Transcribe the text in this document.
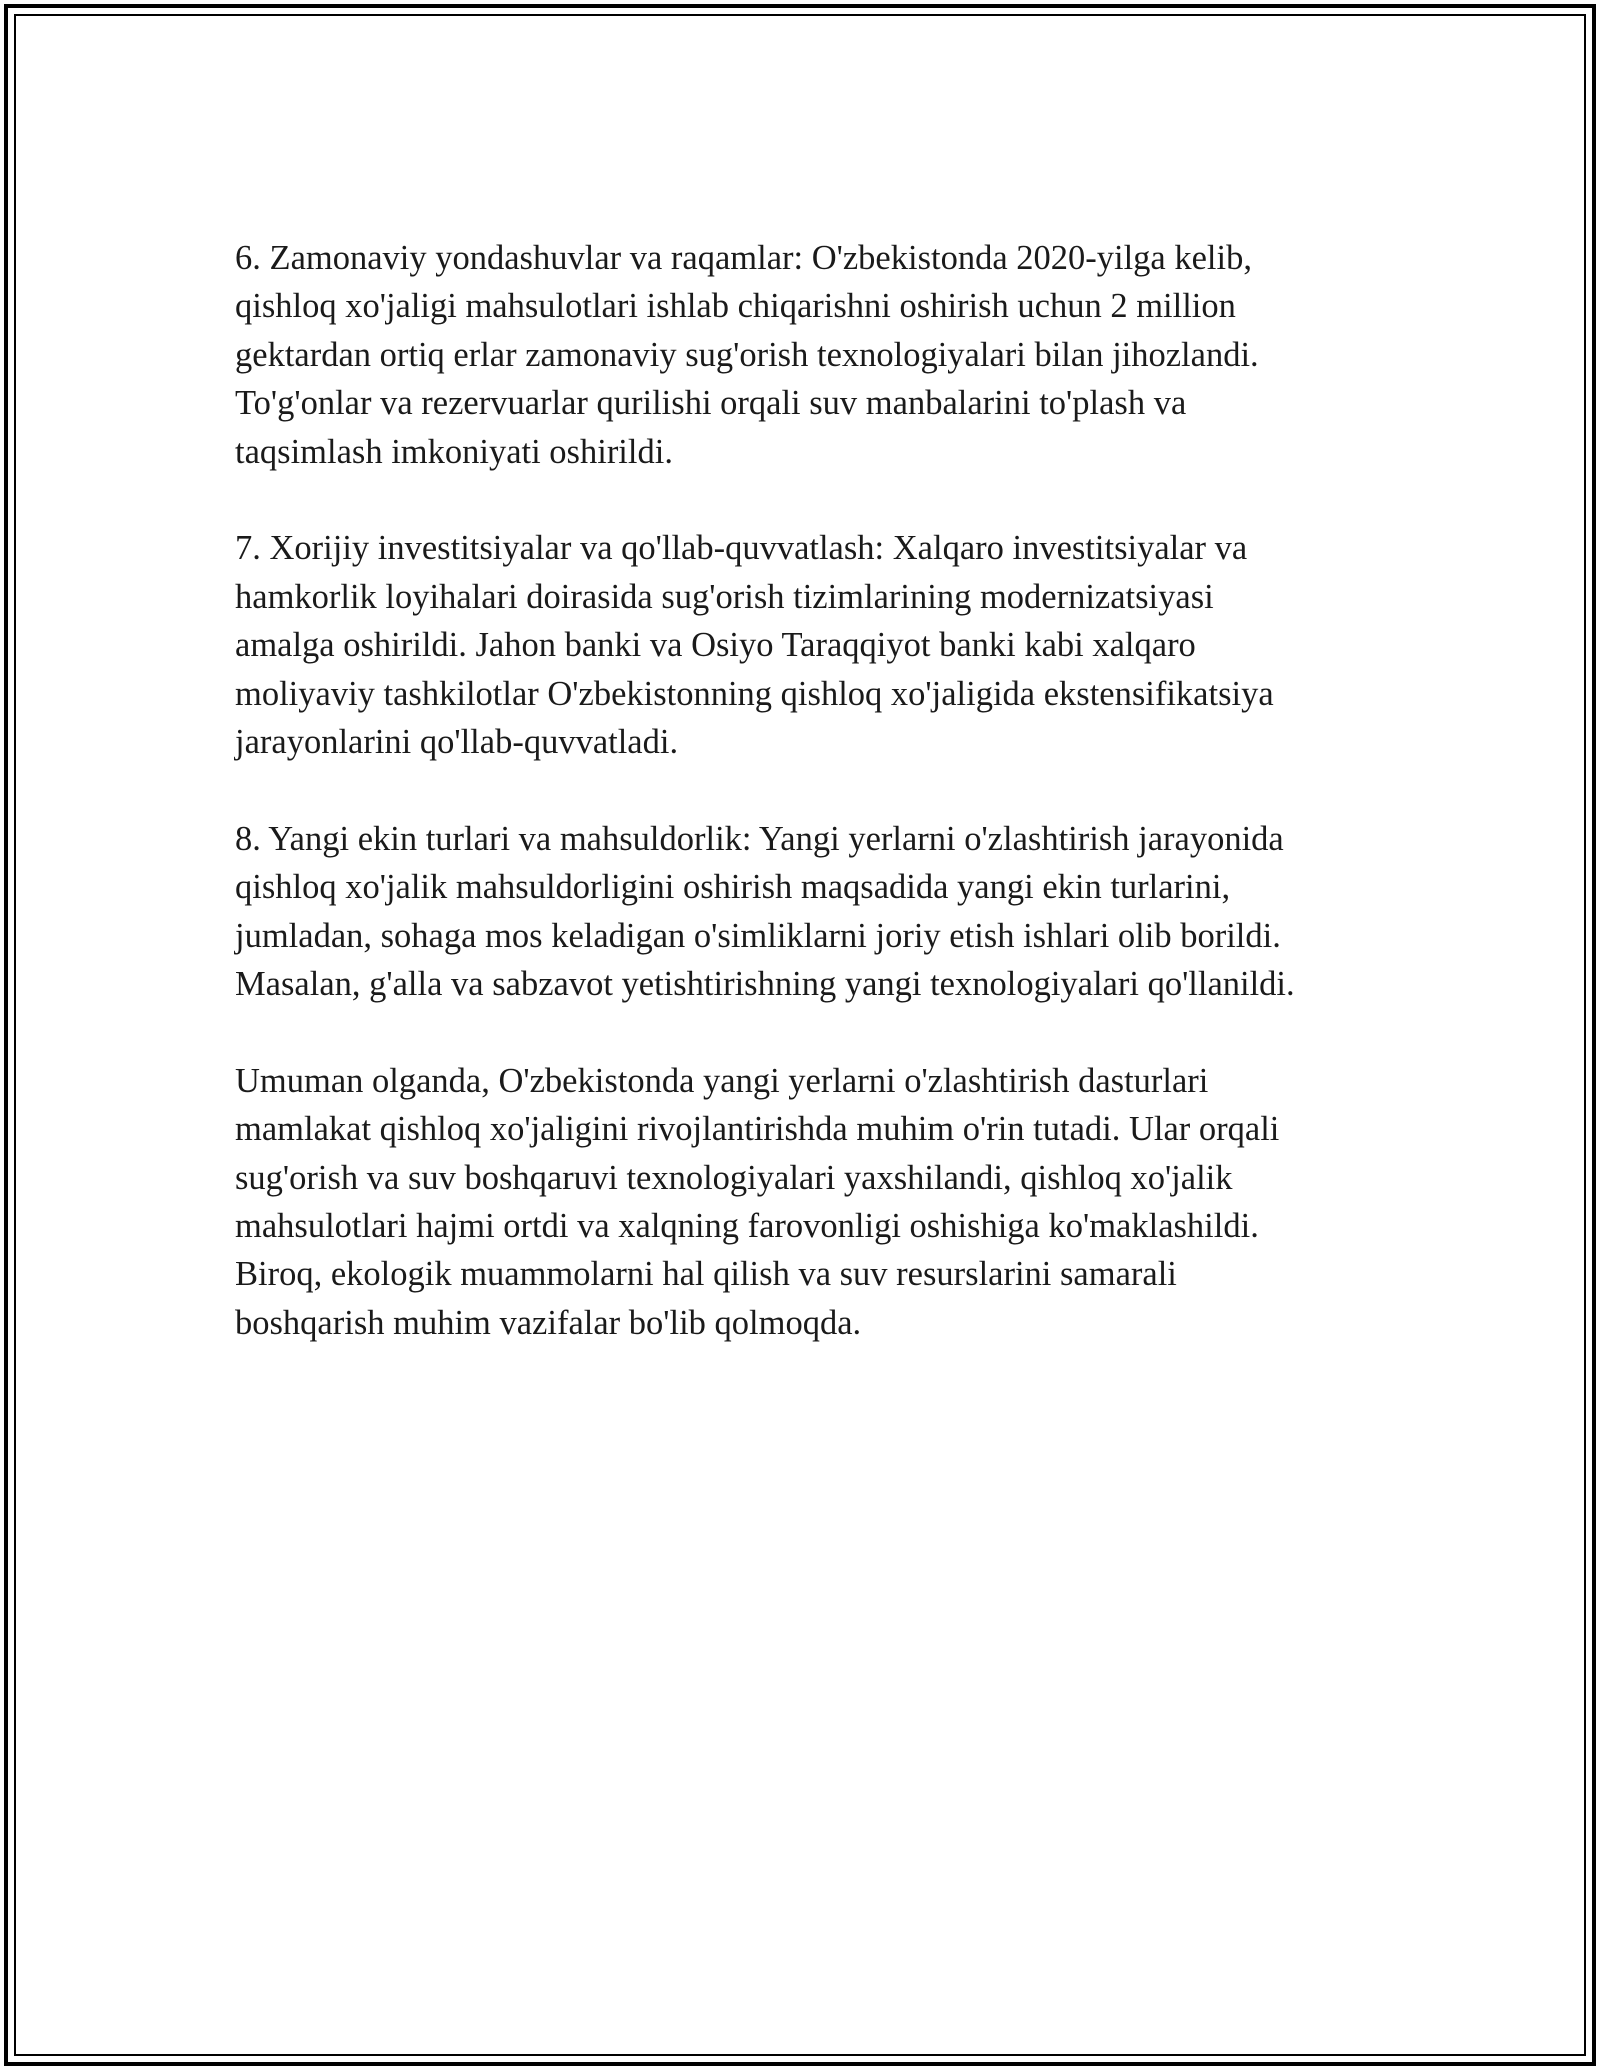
6. Zamonaviy yondashuvlar va raqamlar: O'zbekistonda 2020-yilga kelib,
qishloq xo'jaligi mahsulotlari ishlab chiqarishni oshirish uchun 2 million
gektardan ortiq erlar zamonaviy sug'orish texnologiyalari bilan jihozlandi.
To'g'onlar va rezervuarlar qurilishi orqali suv manbalarini to'plash va
taqsimlash imkoniyati oshirildi.
7. Xorijiy investitsiyalar va qo'llab-quvvatlash: Xalqaro investitsiyalar va
hamkorlik loyihalari doirasida sug'orish tizimlarining modernizatsiyasi
amalga oshirildi. Jahon banki va Osiyo Taraqqiyot banki kabi xalqaro
moliyaviy tashkilotlar O'zbekistonning qishloq xo'jaligida ekstensifikatsiya
jarayonlarini qo'llab-quvvatladi.
8. Yangi ekin turlari va mahsuldorlik: Yangi yerlarni o'zlashtirish jarayonida
qishloq xo'jalik mahsuldorligini oshirish maqsadida yangi ekin turlarini,
jumladan, sohaga mos keladigan o'simliklarni joriy etish ishlari olib borildi.
Masalan, g'alla va sabzavot yetishtirishning yangi texnologiyalari qo'llanildi.
Umuman olganda, O'zbekistonda yangi yerlarni o'zlashtirish dasturlari
mamlakat qishloq xo'jaligini rivojlantirishda muhim o'rin tutadi. Ular orqali
sug'orish va suv boshqaruvi texnologiyalari yaxshilandi, qishloq xo'jalik
mahsulotlari hajmi ortdi va xalqning farovonligi oshishiga ko'maklashildi.
Biroq, ekologik muammolarni hal qilish va suv resurslarini samarali
boshqarish muhim vazifalar bo'lib qolmoqda.
